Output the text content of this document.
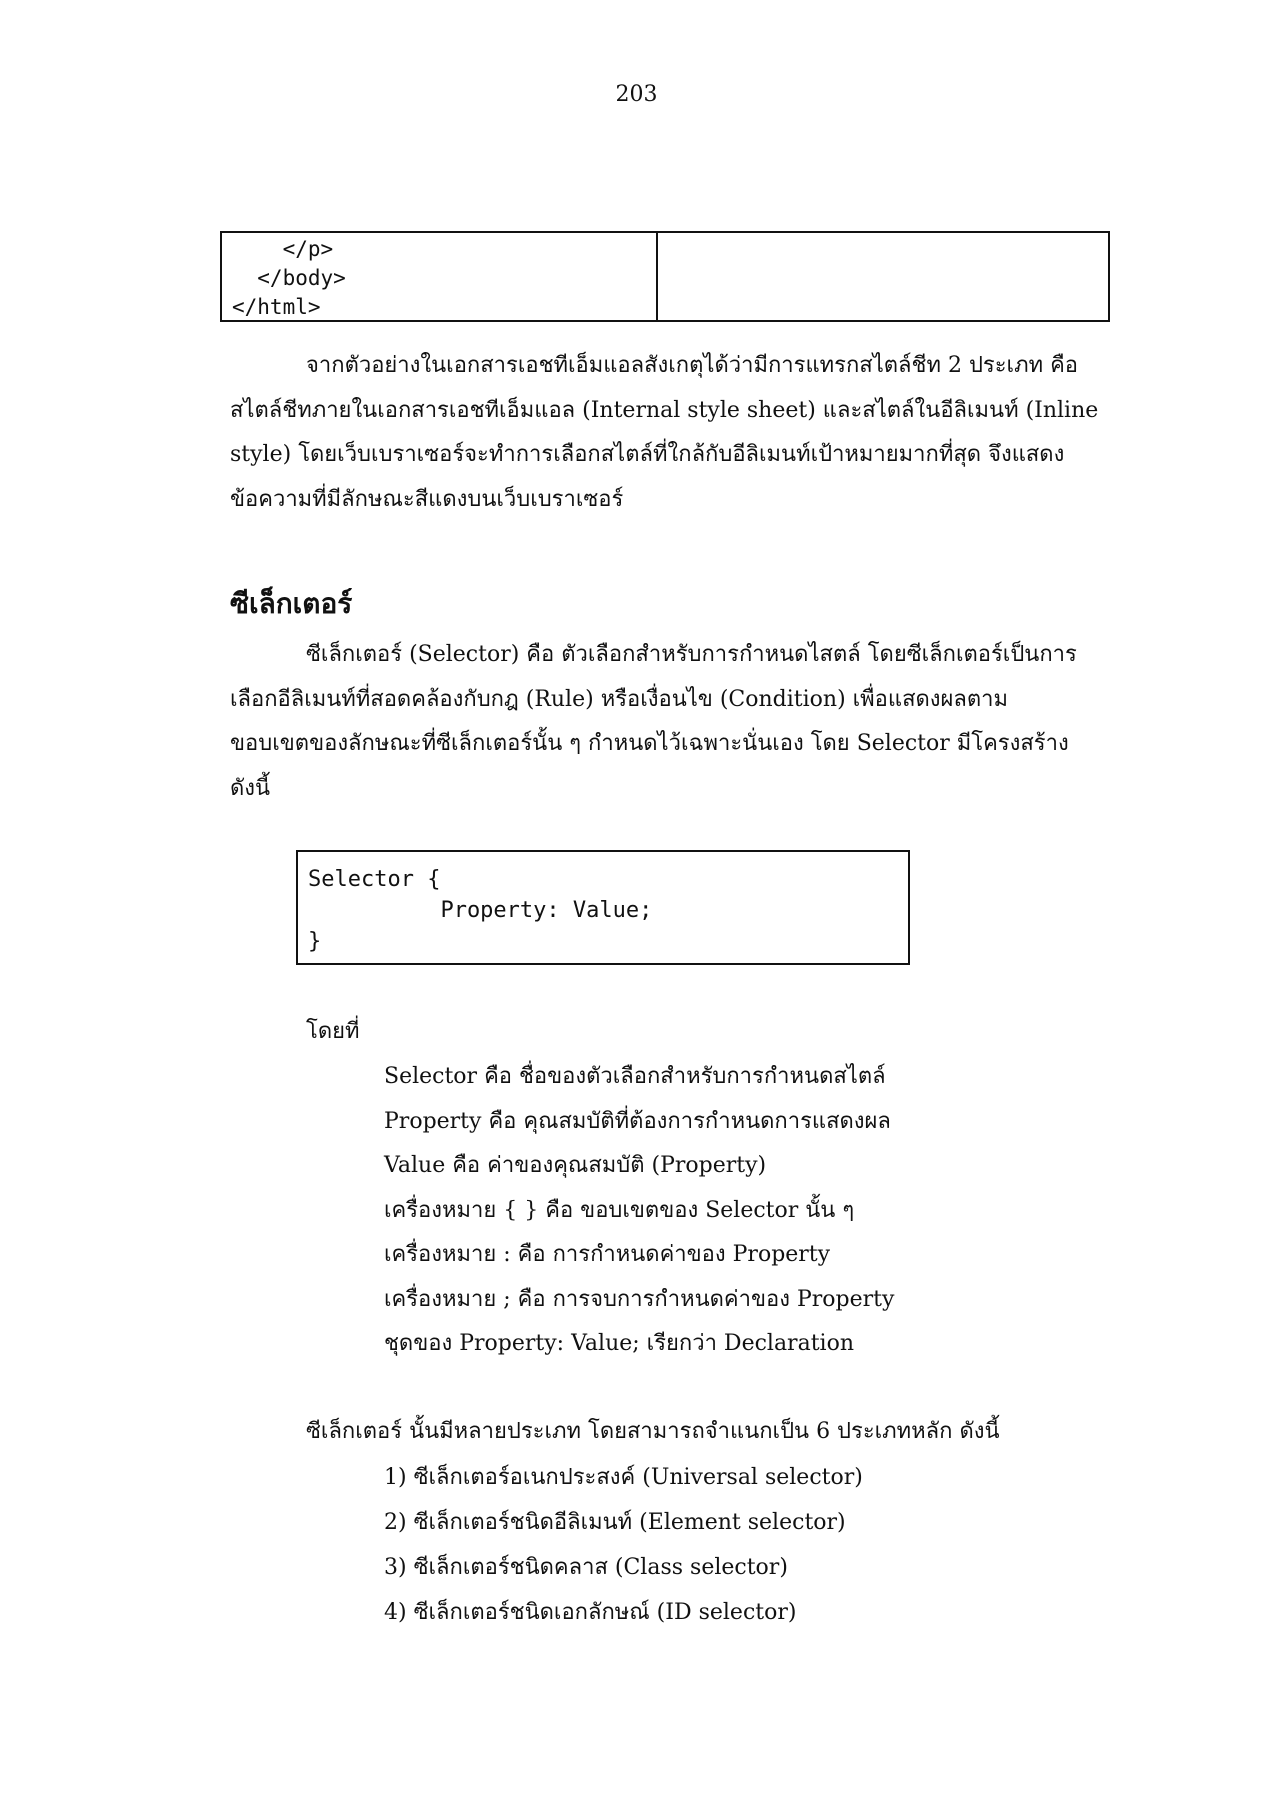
203
</p>
</body>
</html>
จากตัวอย่างในเอกสารเอชทีเอ็มแอลสังเกตุได้ว่ามีการแทรกสไตล์ชีท 2 ประเภท คือ
สไตล์ชีทภายในเอกสารเอชทีเอ็มแอล (Internal style sheet) และสไตล์ในอีลิเมนท์ (Inline
style) โดยเว็บเบราเซอร์จะทำการเลือกสไตล์ที่ใกล้กับอีลิเมนท์เป้าหมายมากที่สุด จึงแสดง
ข้อความที่มีลักษณะสีแดงบนเว็บเบราเซอร์
ซีเล็กเตอร์
ซีเล็กเตอร์ (Selector) คือ ตัวเลือกสำหรับการกำหนดไสตล์ โดยซีเล็กเตอร์เป็นการ
เลือกอีลิเมนท์ที่สอดคล้องกับกฎ (Rule) หรือเงื่อนไข (Condition) เพื่อแสดงผลตาม
ขอบเขตของลักษณะที่ซีเล็กเตอร์นั้น ๆ กำหนดไว้เฉพาะนั่นเอง โดย Selector มีโครงสร้าง
ดังนี้
Selector {
Property: Value;
}
โดยที่
Selector คือ ชื่อของตัวเลือกสำหรับการกำหนดสไตล์
Property คือ คุณสมบัติที่ต้องการกำหนดการแสดงผล
Value คือ ค่าของคุณสมบัติ (Property)
เครื่องหมาย { } คือ ขอบเขตของ Selector นั้น ๆ
เครื่องหมาย : คือ การกำหนดค่าของ Property
เครื่องหมาย ; คือ การจบการกำหนดค่าของ Property
ชุดของ Property: Value; เรียกว่า Declaration
ซีเล็กเตอร์ นั้นมีหลายประเภท โดยสามารถจำแนกเป็น 6 ประเภทหลัก ดังนี้
1) ซีเล็กเตอร์อเนกประสงค์ (Universal selector)
2) ซีเล็กเตอร์ชนิดอีลิเมนท์ (Element selector)
3) ซีเล็กเตอร์ชนิดคลาส (Class selector)
4) ซีเล็กเตอร์ชนิดเอกลักษณ์ (ID selector)
